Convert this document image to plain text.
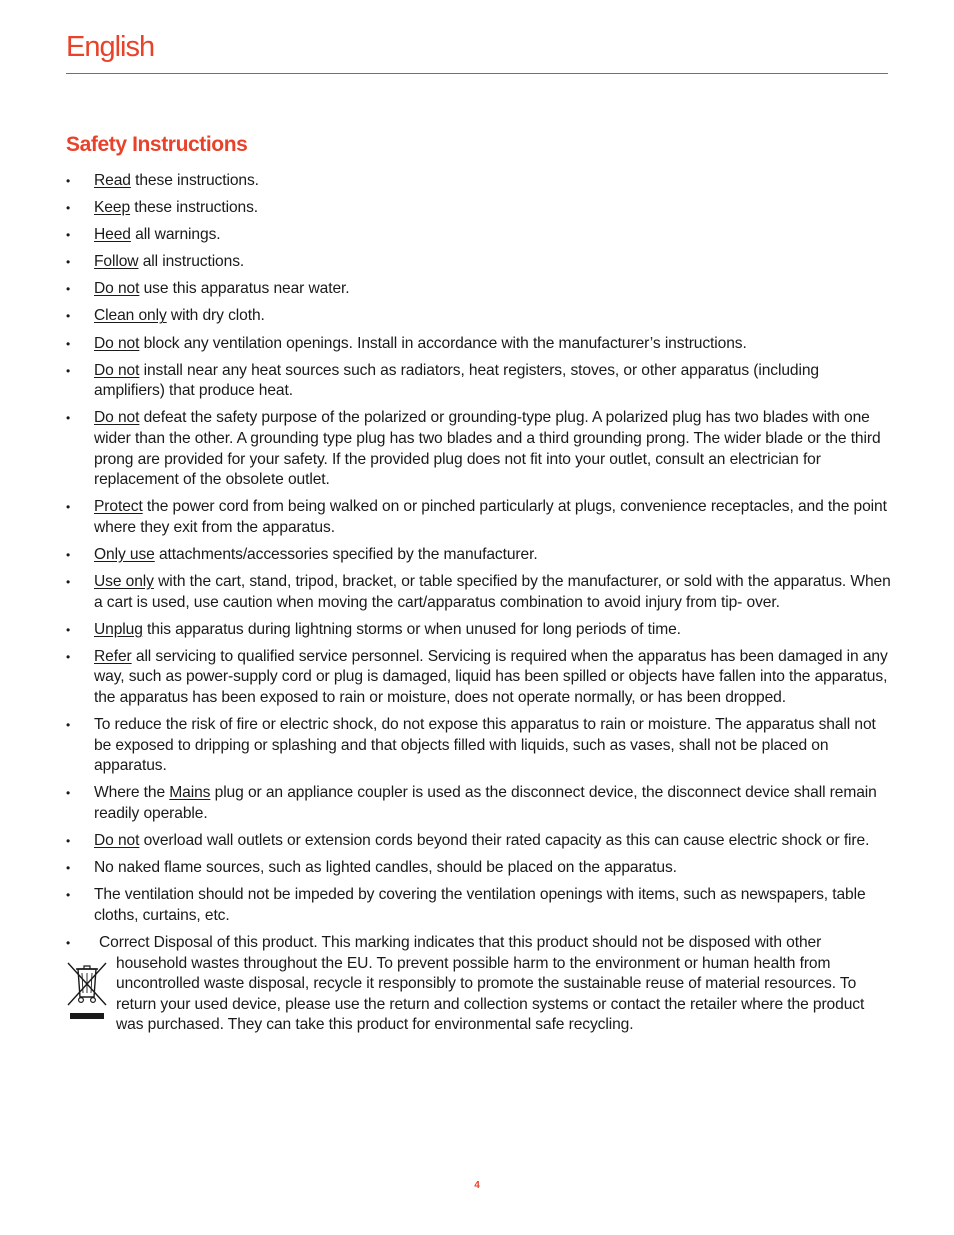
English
Safety Instructions
• Read these instructions.
• Keep these instructions.
• Heed all warnings.
• Follow all instructions.
• Do not use this apparatus near water.
• Clean only with dry cloth.
• Do not block any ventilation openings. Install in accordance with the manufacturer’s instructions.
• Do not install near any heat sources such as radiators, heat registers, stoves, or other apparatus (including amplifiers) that produce heat.
• Do not defeat the safety purpose of the polarized or grounding-type plug. A polarized plug has two blades with one wider than the other. A grounding type plug has two blades and a third grounding prong. The wider blade or the third prong are provided for your safety. If the provided plug does not fit into your outlet, consult an electrician for replacement of the obsolete outlet.
• Protect the power cord from being walked on or pinched particularly at plugs, convenience receptacles, and the point where they exit from the apparatus.
• Only use attachments/accessories specified by the manufacturer.
• Use only with the cart, stand, tripod, bracket, or table specified by the manufacturer, or sold with the apparatus. When a cart is used, use caution when moving the cart/apparatus combination to avoid injury from tip- over.
• Unplug this apparatus during lightning storms or when unused for long periods of time.
• Refer all servicing to qualified service personnel. Servicing is required when the apparatus has been damaged in any way, such as power-supply cord or plug is damaged, liquid has been spilled or objects have fallen into the apparatus, the apparatus has been exposed to rain or moisture, does not operate normally, or has been dropped.
• To reduce the risk of fire or electric shock, do not expose this apparatus to rain or moisture. The apparatus shall not be exposed to dripping or splashing and that objects filled with liquids, such as vases, shall not be placed on apparatus.
• Where the Mains plug or an appliance coupler is used as the disconnect device, the disconnect device shall remain readily operable.
• Do not overload wall outlets or extension cords beyond their rated capacity as this can cause electric shock or fire.
• No naked flame sources, such as lighted candles, should be placed on the apparatus.
• The ventilation should not be impeded by covering the ventilation openings with items, such as newspapers, table cloths, curtains, etc.
•	Correct Disposal of this product. This marking indicates that this product should not be disposed with other
household wastes throughout the EU. To prevent possible harm to the environment or human health from uncontrolled waste disposal, recycle it responsibly to promote the sustainable reuse of material resources. To return your used device, please use the return and collection systems or contact the retailer where the product was purchased. They can take this product for environmental safe recycling.
4
